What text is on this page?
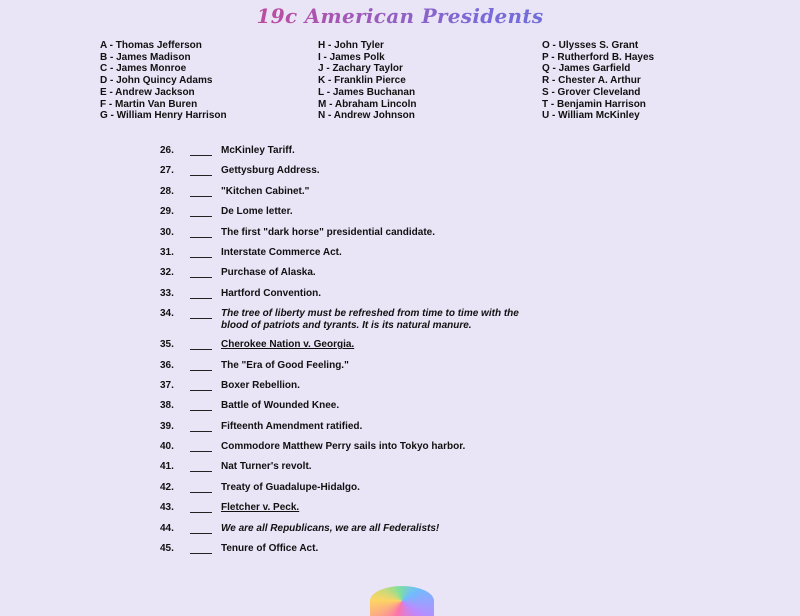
19c American Presidents
A - Thomas Jefferson
B - James Madison
C - James Monroe
D - John Quincy Adams
E - Andrew Jackson
F - Martin Van Buren
G - William Henry Harrison
H - John Tyler
I - James Polk
J - Zachary Taylor
K - Franklin Pierce
L - James Buchanan
M - Abraham Lincoln
N - Andrew Johnson
O - Ulysses S. Grant
P - Rutherford B. Hayes
Q - James Garfield
R - Chester A. Arthur
S - Grover Cleveland
T - Benjamin Harrison
U - William McKinley
26.	McKinley Tariff.
27.	Gettysburg Address.
28.	"Kitchen Cabinet."
29.	De Lome letter.
30.	The first "dark horse" presidential candidate.
31.	Interstate Commerce Act.
32.	Purchase of Alaska.
33.	Hartford Convention.
34.	The tree of liberty must be refreshed from time to time with the blood of patriots and tyrants. It is its natural manure.
35.	Cherokee Nation v. Georgia.
36.	The "Era of Good Feeling."
37.	Boxer Rebellion.
38.	Battle of Wounded Knee.
39.	Fifteenth Amendment ratified.
40.	Commodore Matthew Perry sails into Tokyo harbor.
41.	Nat Turner's revolt.
42.	Treaty of Guadalupe-Hidalgo.
43.	Fletcher v. Peck.
44.	We are all Republicans, we are all Federalists!
45.	Tenure of Office Act.
